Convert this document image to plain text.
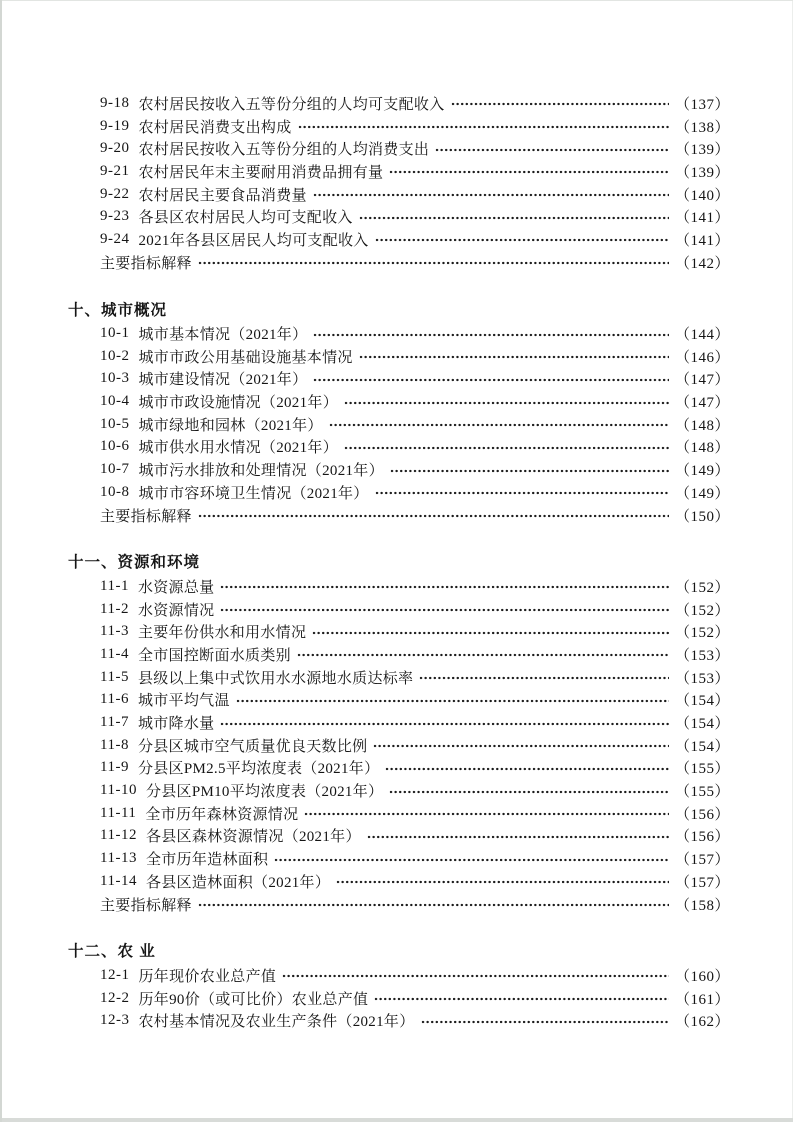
9-18 农村居民按收入五等份分组的人均可支配收入	（137）
9-19 农村居民消费支出构成	（138）
9-20 农村居民按收入五等份分组的人均消费支出	（139）
9-21 农村居民年末主要耐用消费品拥有量	（139）
9-22 农村居民主要食品消费量	（140）
9-23 各县区农村居民人均可支配收入	（141）
9-24 2021年各县区居民人均可支配收入	（141）
主要指标解释	（142）
十、城市概况
10-1 城市基本情况（2021年）	（144）
10-2 城市市政公用基础设施基本情况	（146）
10-3 城市建设情况（2021年）	（147）
10-4 城市市政设施情况（2021年）	（147）
10-5 城市绿地和园林（2021年）	（148）
10-6 城市供水用水情况（2021年）	（148）
10-7 城市污水排放和处理情况（2021年）	（149）
10-8 城市市容环境卫生情况（2021年）	（149）
主要指标解释	（150）
十一、资源和环境
11-1 水资源总量	（152）
11-2 水资源情况	（152）
11-3 主要年份供水和用水情况	（152）
11-4 全市国控断面水质类别	（153）
11-5 县级以上集中式饮用水水源地水质达标率	（153）
11-6 城市平均气温	（154）
11-7 城市降水量	（154）
11-8 分县区城市空气质量优良天数比例	（154）
11-9 分县区PM2.5平均浓度表（2021年）	（155）
11-10 分县区PM10平均浓度表（2021年）	（155）
11-11 全市历年森林资源情况	（156）
11-12 各县区森林资源情况（2021年）	（156）
11-13 全市历年造林面积	（157）
11-14 各县区造林面积（2021年）	（157）
主要指标解释	（158）
十二、农 业
12-1 历年现价农业总产值	（160）
12-2 历年90价（或可比价）农业总产值	（161）
12-3 农村基本情况及农业生产条件（2021年）	（162）
